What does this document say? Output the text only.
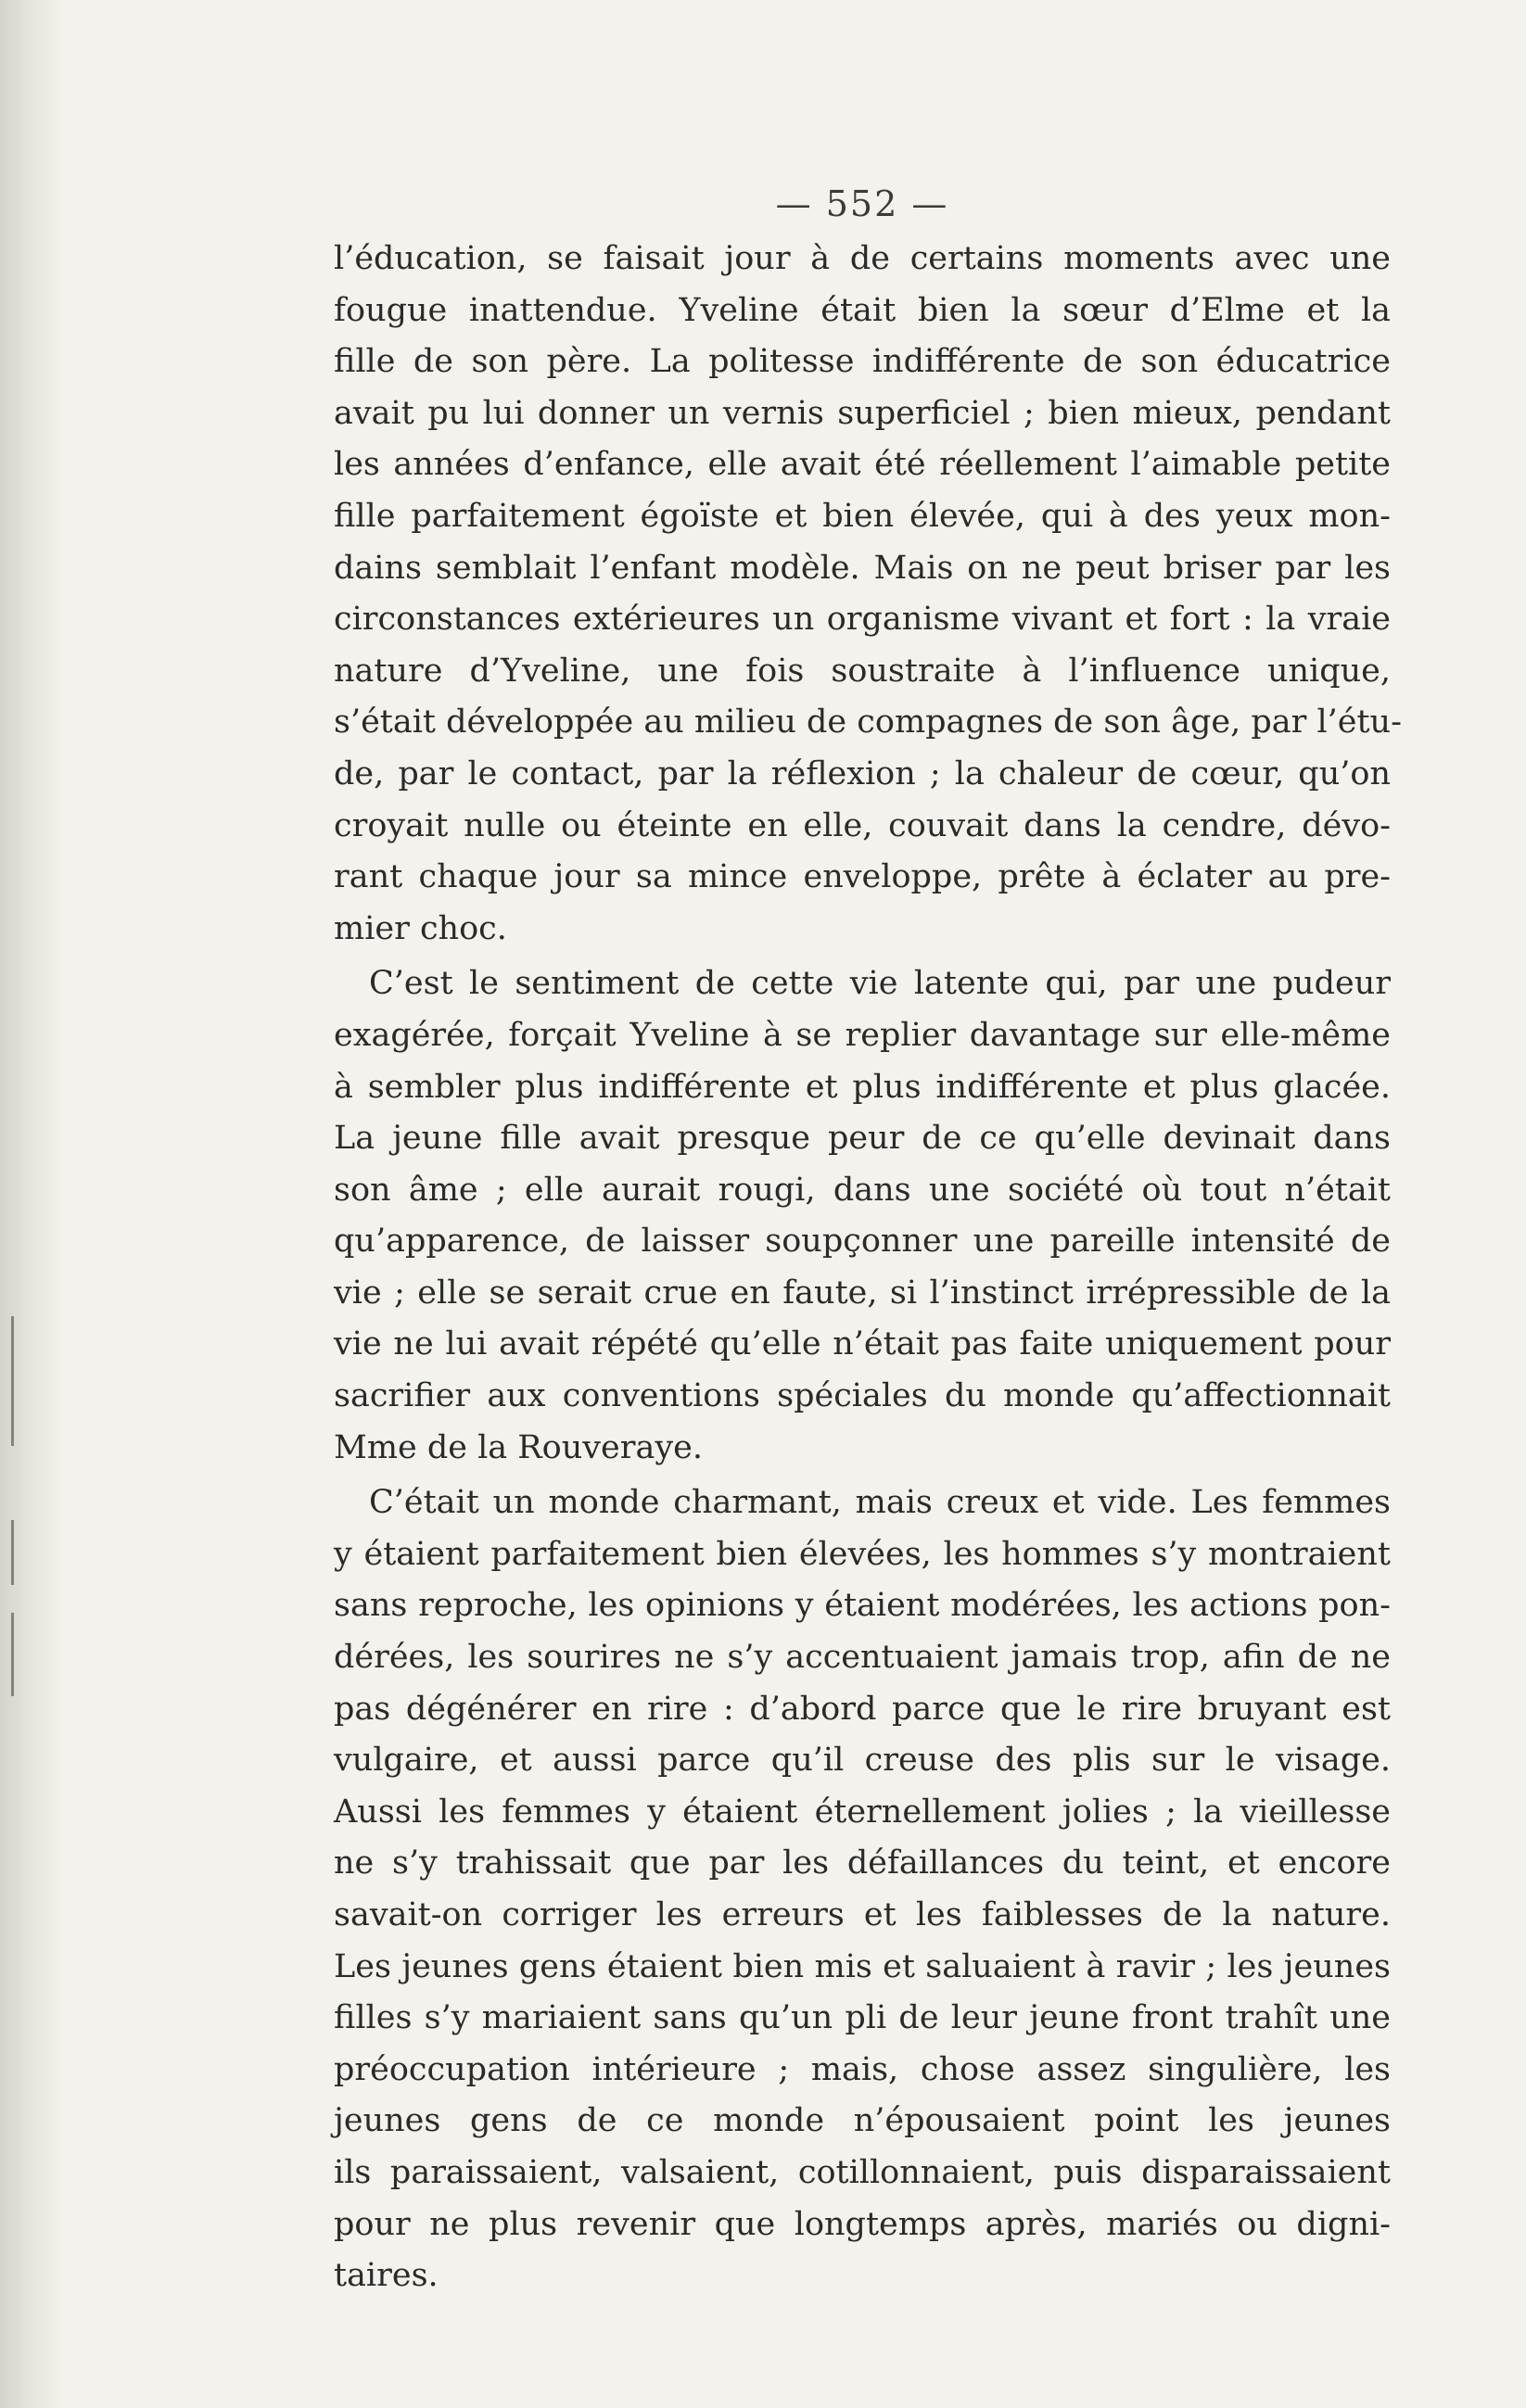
— 552 —
l’éducation, se faisait jour à de certains moments avec une
fougue inattendue. Yveline était bien la sœur d’Elme et la
fille de son père. La politesse indifférente de son éducatrice
avait pu lui donner un vernis superficiel ; bien mieux, pendant
les années d’enfance, elle avait été réellement l’aimable petite
fille parfaitement égoïste et bien élevée, qui à des yeux mon-
dains semblait l’enfant modèle. Mais on ne peut briser par les
circonstances extérieures un organisme vivant et fort : la vraie
nature d’Yveline, une fois soustraite à l’influence unique,
s’était développée au milieu de compagnes de son âge, par l’étu-
de, par le contact, par la réflexion ; la chaleur de cœur, qu’on
croyait nulle ou éteinte en elle, couvait dans la cendre, dévo-
rant chaque jour sa mince enveloppe, prête à éclater au pre-
mier choc.
C’est le sentiment de cette vie latente qui, par une pudeur
exagérée, forçait Yveline à se replier davantage sur elle-même
à sembler plus indifférente et plus indifférente et plus glacée.
La jeune fille avait presque peur de ce qu’elle devinait dans
son âme ; elle aurait rougi, dans une société où tout n’était
qu’apparence, de laisser soupçonner une pareille intensité de
vie ; elle se serait crue en faute, si l’instinct irrépressible de la
vie ne lui avait répété qu’elle n’était pas faite uniquement pour
sacrifier aux conventions spéciales du monde qu’affectionnait
Mme de la Rouveraye.
C’était un monde charmant, mais creux et vide. Les femmes
y étaient parfaitement bien élevées, les hommes s’y montraient
sans reproche, les opinions y étaient modérées, les actions pon-
dérées, les sourires ne s’y accentuaient jamais trop, afin de ne
pas dégénérer en rire : d’abord parce que le rire bruyant est
vulgaire, et aussi parce qu’il creuse des plis sur le visage.
Aussi les femmes y étaient éternellement jolies ; la vieillesse
ne s’y trahissait que par les défaillances du teint, et encore
savait-on corriger les erreurs et les faiblesses de la nature.
Les jeunes gens étaient bien mis et saluaient à ravir ; les jeunes
filles s’y mariaient sans qu’un pli de leur jeune front trahît une
préoccupation intérieure ; mais, chose assez singulière, les
jeunes gens de ce monde n’épousaient point les jeunes
ils paraissaient, valsaient, cotillonnaient, puis disparaissaient
pour ne plus revenir que longtemps après, mariés ou digni-
taires.
